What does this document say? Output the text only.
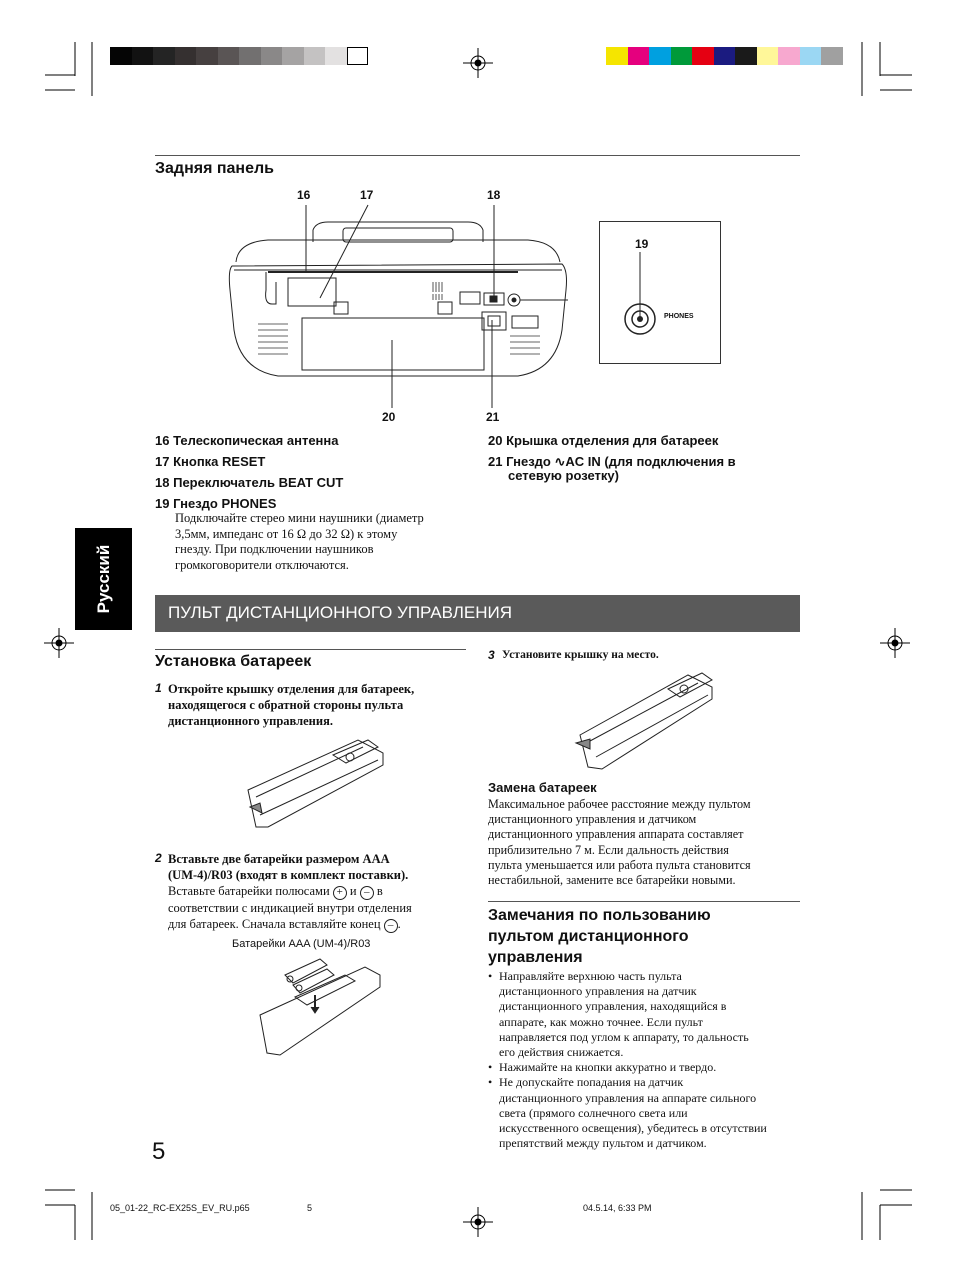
Задняя панель
16	17	18
19
20	21
PHONES
16 Телескопическая антенна
17 Кнопка RESET
18 Переключатель BEAT CUT
19 Гнездо PHONES
Подключайте стерео мини наушники (диаметр
3,5мм, импеданс от 16 Ω до 32 Ω) к этому
гнезду. При подключении наушников
громкоговорители отключаются.
20 Крышка отделения для батареек
21 Гнездо ∿AC IN (для подключения в
сетевую розетку)
Русский	ПУЛЬТ ДИСТАНЦИОННОГО УПРАВЛЕНИЯ
Установка батареек
1 Откройте крышку отделения для батареек,
находящегося с обратной стороны пульта
дистанционного управления.
2 Вставьте две батарейки размером AAA
(UM-4)/R03 (входят в комплект поставки).
Вставьте батарейки полюсами + и – в
соответствии с индикацией внутри отделения
для батареек. Сначала вставляйте конец – .
Батарейки AAA (UM-4)/R03
3 Установите крышку на место.
Замена батареек
Максимальное рабочее расстояние между пультом
дистанционного управления и датчиком
дистанционного управления аппарата составляет
приблизительно 7 м. Если дальность действия
пульта уменьшается или работа пульта становится
нестабильной, замените все батарейки новыми.
Замечания по пользованию
пультом дистанционного
управления
• Направляйте верхнюю часть пульта
дистанционного управления на датчик
дистанционного управления, находящийся в
аппарате, как можно точнее. Если пульт
направляется под углом к аппарату, то дальность
его действия снижается.
• Нажимайте на кнопки аккуратно и твердо.
• Не допускайте попадания на датчик
дистанционного управления на аппарате сильного
света (прямого солнечного света или
искусственного освещения), убедитесь в отсутствии
препятствий между пультом и датчиком.
5
05_01-22_RC-EX25S_EV_RU.p65	5	04.5.14, 6:33 PM
